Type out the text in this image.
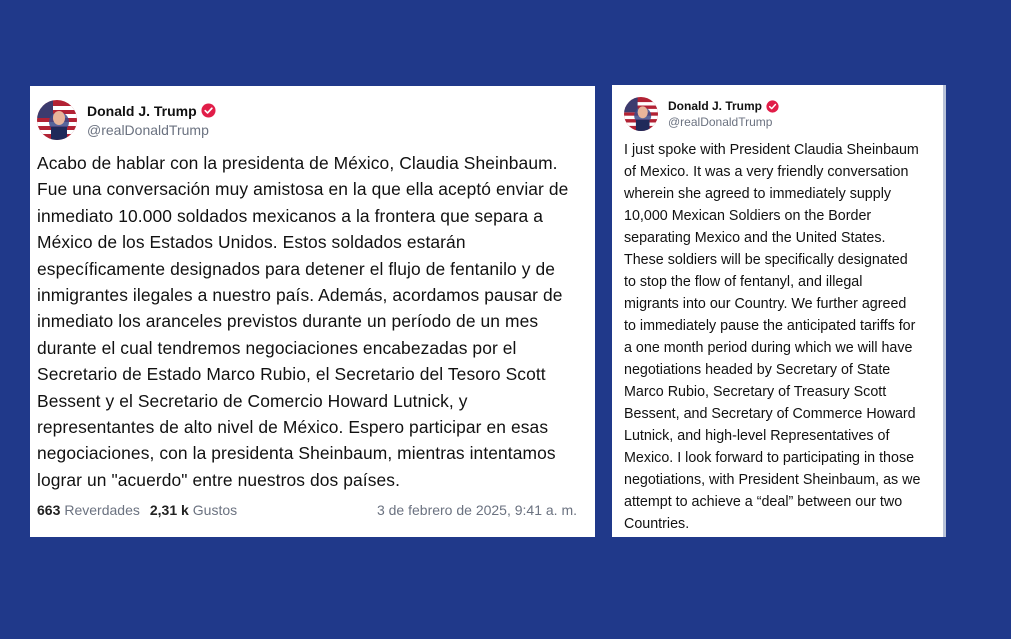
Donald J. Trump
@realDonaldTrump
Acabo de hablar con la presidenta de México, Claudia Sheinbaum.
Fue una conversación muy amistosa en la que ella aceptó enviar de
inmediato 10.000 soldados mexicanos a la frontera que separa a
México de los Estados Unidos. Estos soldados estarán
específicamente designados para detener el flujo de fentanilo y de
inmigrantes ilegales a nuestro país. Además, acordamos pausar de
inmediato los aranceles previstos durante un período de un mes
durante el cual tendremos negociaciones encabezadas por el
Secretario de Estado Marco Rubio, el Secretario del Tesoro Scott
Bessent y el Secretario de Comercio Howard Lutnick, y
representantes de alto nivel de México. Espero participar en esas
negociaciones, con la presidenta Sheinbaum, mientras intentamos
lograr un "acuerdo" entre nuestros dos países.
663 Reverdades 2,31 k Gustos	3 de febrero de 2025, 9:41 a. m.
Donald J. Trump
@realDonaldTrump
I just spoke with President Claudia Sheinbaum
of Mexico. It was a very friendly conversation
wherein she agreed to immediately supply
10,000 Mexican Soldiers on the Border
separating Mexico and the United States.
These soldiers will be specifically designated
to stop the flow of fentanyl, and illegal
migrants into our Country. We further agreed
to immediately pause the anticipated tariffs for
a one month period during which we will have
negotiations headed by Secretary of State
Marco Rubio, Secretary of Treasury Scott
Bessent, and Secretary of Commerce Howard
Lutnick, and high-level Representatives of
Mexico. I look forward to participating in those
negotiations, with President Sheinbaum, as we
attempt to achieve a “deal” between our two
Countries.
